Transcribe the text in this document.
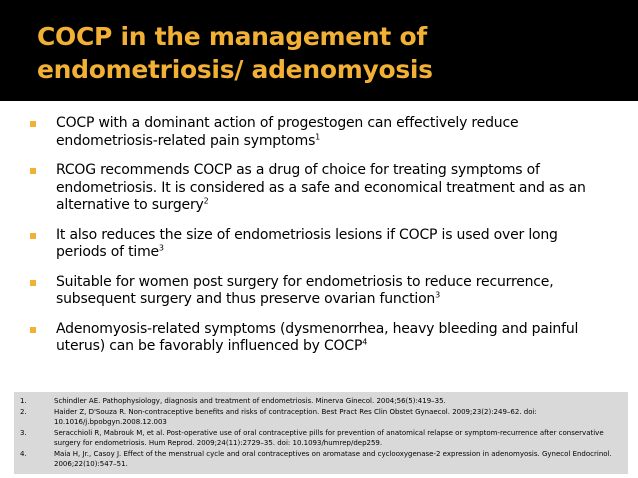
COCP in the management of endometriosis/ adenomyosis
COCP with a dominant action of progestogen can effectively reduce endometriosis-related pain symptoms$^1$
RCOG recommends COCP as a drug of choice for treating symptoms of endometriosis. It is considered as a safe and economical treatment and as an alternative to surgery$^2$
It also reduces the size of endometriosis lesions if COCP is used over long periods of time$^3$
Suitable for women post surgery for endometriosis to reduce recurrence, subsequent surgery and thus preserve ovarian function$^3$
Adenomyosis-related symptoms (dysmenorrhea, heavy bleeding and painful uterus) can be favorably influenced by COCP$^4$
1.	Schindler AE. Pathophysiology, diagnosis and treatment of endometriosis. Minerva Ginecol. 2004;56(5):419–35.
2.	Haider Z, D'Souza R. Non-contraceptive benefits and risks of contraception. Best Pract Res Clin Obstet Gynaecol. 2009;23(2):249–62. doi: 10.1016/j.bpobgyn.2008.12.003
3.	Seracchioli R, Mabrouk M, et al. Post-operative use of oral contraceptive pills for prevention of anatomical relapse or symptom-recurrence after conservative surgery for endometriosis. Hum Reprod. 2009;24(11):2729–35. doi: 10.1093/humrep/dep259.
4.	Maia H, Jr., Casoy J. Effect of the menstrual cycle and oral contraceptives on aromatase and cyclooxygenase-2 expression in adenomyosis. Gynecol Endocrinol. 2006;22(10):547–51.
